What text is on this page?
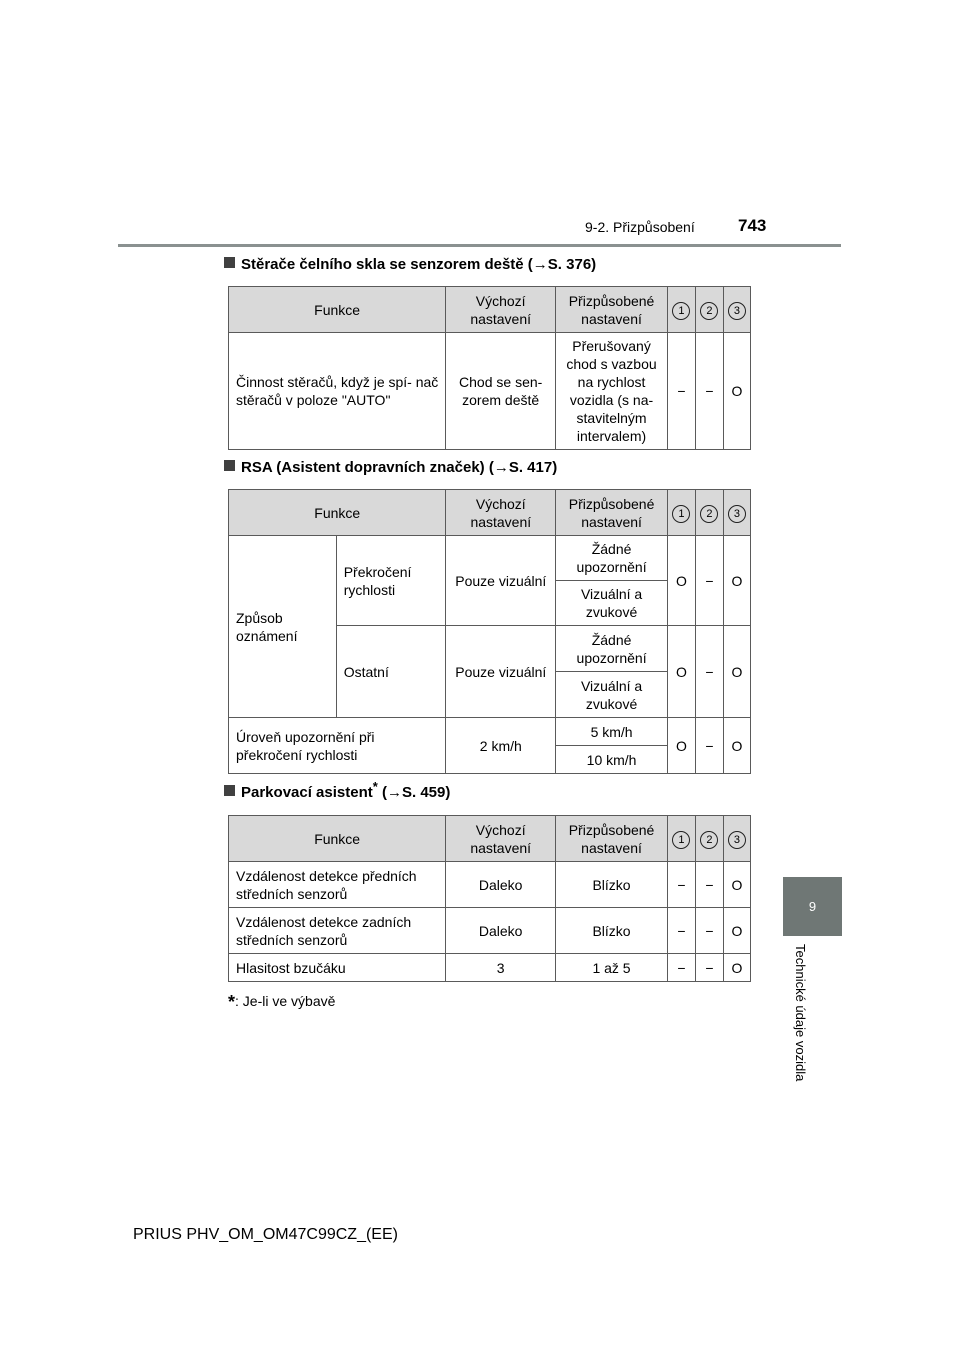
9-2. Přizpůsobení	743
9
Technické údaje vozidla
Stěrače čelního skla se senzorem deště (→S. 376)
Funkce	Výchozí nastavení	Přizpůsobené nastavení	1	2	3
Činnost stěračů, když je spí- nač stěračů v poloze "AUTO"	Chod se sen- zorem deště	Přerušovaný chod s vazbou na rychlost vozidla (s na- stavitelným intervalem)	−	−	O
RSA (Asistent dopravních značek) (→S. 417)
Funkce		Výchozí nastavení	Přizpůsobené nastavení	1	2	3
Způsob oznámení	Překročení rychlosti	Pouze vizuální	Žádné upozornění	O	−	O
			Vizuální a zvukové			
	Ostatní	Pouze vizuální	Žádné upozornění	O	−	O
			Vizuální a zvukové			
Úroveň upozornění při překročení rychlosti		2 km/h	5 km/h	O	−	O
			10 km/h			
Parkovací asistent* (→S. 459)
Funkce	Výchozí nastavení	Přizpůsobené nastavení	1	2	3
Vzdálenost detekce předních středních senzorů	Daleko	Blízko	−	−	O
Vzdálenost detekce zadních středních senzorů	Daleko	Blízko	−	−	O
Hlasitost bzučáku	3	1 až 5	−	−	O
*: Je-li ve výbavě
PRIUS PHV_OM_OM47C99CZ_(EE)
